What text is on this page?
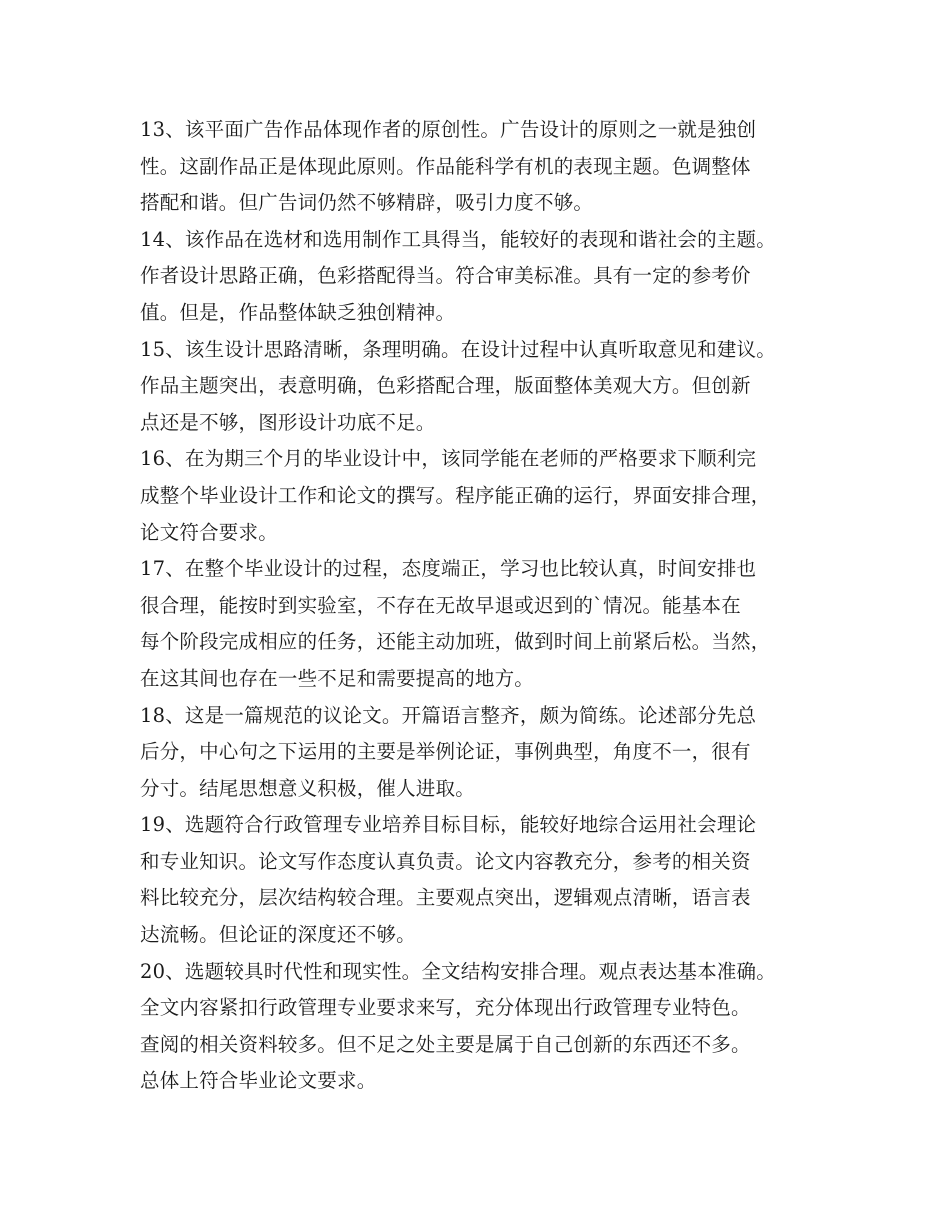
13、该平面广告作品体现作者的原创性。广告设计的原则之一就是独创
性。这副作品正是体现此原则。作品能科学有机的表现主题。色调整体
搭配和谐。但广告词仍然不够精辟，吸引力度不够。
14、该作品在选材和选用制作工具得当，能较好的表现和谐社会的主题。
作者设计思路正确，色彩搭配得当。符合审美标准。具有一定的参考价
值。但是，作品整体缺乏独创精神。
15、该生设计思路清晰，条理明确。在设计过程中认真听取意见和建议。
作品主题突出，表意明确，色彩搭配合理，版面整体美观大方。但创新
点还是不够，图形设计功底不足。
16、在为期三个月的毕业设计中，该同学能在老师的严格要求下顺利完
成整个毕业设计工作和论文的撰写。程序能正确的运行，界面安排合理，
论文符合要求。
17、在整个毕业设计的过程，态度端正，学习也比较认真，时间安排也
很合理，能按时到实验室，不存在无故早退或迟到的`情况。能基本在
每个阶段完成相应的任务，还能主动加班，做到时间上前紧后松。当然，
在这其间也存在一些不足和需要提高的地方。
18、这是一篇规范的议论文。开篇语言整齐，颇为简练。论述部分先总
后分，中心句之下运用的主要是举例论证，事例典型，角度不一，很有
分寸。结尾思想意义积极，催人进取。
19、选题符合行政管理专业培养目标目标，能较好地综合运用社会理论
和专业知识。论文写作态度认真负责。论文内容教充分，参考的相关资
料比较充分，层次结构较合理。主要观点突出，逻辑观点清晰，语言表
达流畅。但论证的深度还不够。
20、选题较具时代性和现实性。全文结构安排合理。观点表达基本准确。
全文内容紧扣行政管理专业要求来写，充分体现出行政管理专业特色。
查阅的相关资料较多。但不足之处主要是属于自己创新的东西还不多。
总体上符合毕业论文要求。
